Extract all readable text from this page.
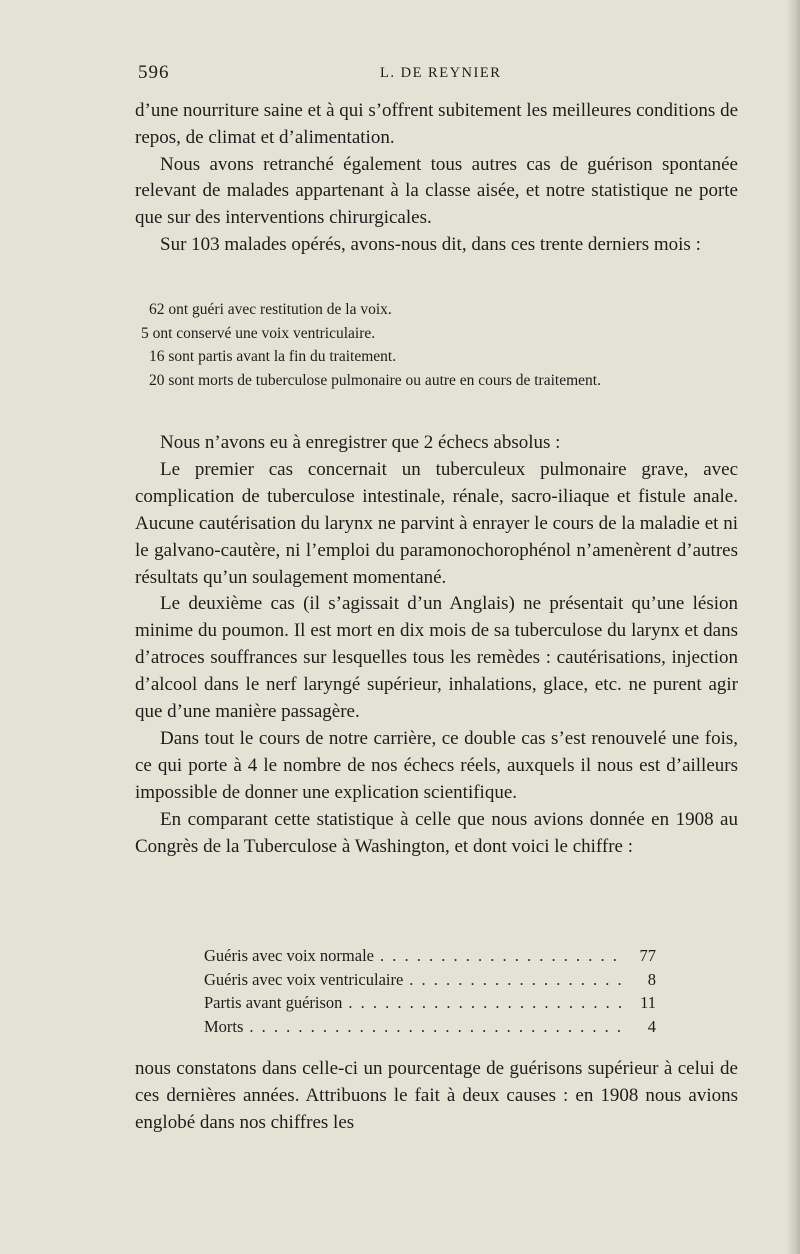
596	L. DE REYNIER

d’une nourriture saine et à qui s’offrent subitement les meilleures conditions de repos, de climat et d’alimentation.

Nous avons retranché également tous autres cas de guérison spontanée relevant de malades appartenant à la classe aisée, et notre statistique ne porte que sur des interventions chirurgicales.

Sur 103 malades opérés, avons-nous dit, dans ces trente derniers mois :

62 ont guéri avec restitution de la voix.

5 ont conservé une voix ventriculaire.

16 sont partis avant la fin du traitement.

20 sont morts de tuberculose pulmonaire ou autre en cours de traitement.

Nous n’avons eu à enregistrer que 2 échecs absolus :

Le premier cas concernait un tuberculeux pulmonaire grave, avec complication de tuberculose intestinale, rénale, sacro-iliaque et fistule anale. Aucune cautérisation du larynx ne parvint à enrayer le cours de la maladie et ni le galvano-cautère, ni l’emploi du paramonochorophénol n’amenèrent d’autres résultats qu’un soulagement momentané.

Le deuxième cas (il s’agissait d’un Anglais) ne présentait qu’une lésion minime du poumon. Il est mort en dix mois de sa tuberculose du larynx et dans d’atroces souffrances sur lesquelles tous les remèdes : cautérisations, injection d’alcool dans le nerf laryngé supérieur, inhalations, glace, etc. ne purent agir que d’une manière passagère.

Dans tout le cours de notre carrière, ce double cas s’est renouvelé une fois, ce qui porte à 4 le nombre de nos échecs réels, auxquels il nous est d’ailleurs impossible de donner une explication scientifique.

En comparant cette statistique à celle que nous avions donnée en 1908 au Congrès de la Tuberculose à Washington, et dont voici le chiffre :

Guéris avec voix normale . . .	77
Guéris avec voix ventriculaire . . .	8
Partis avant guérison . . .	11
Morts . . .	4

nous constatons dans celle-ci un pourcentage de guérisons supérieur à celui de ces dernières années. Attribuons le fait à deux causes : en 1908 nous avions englobé dans nos chiffres les
